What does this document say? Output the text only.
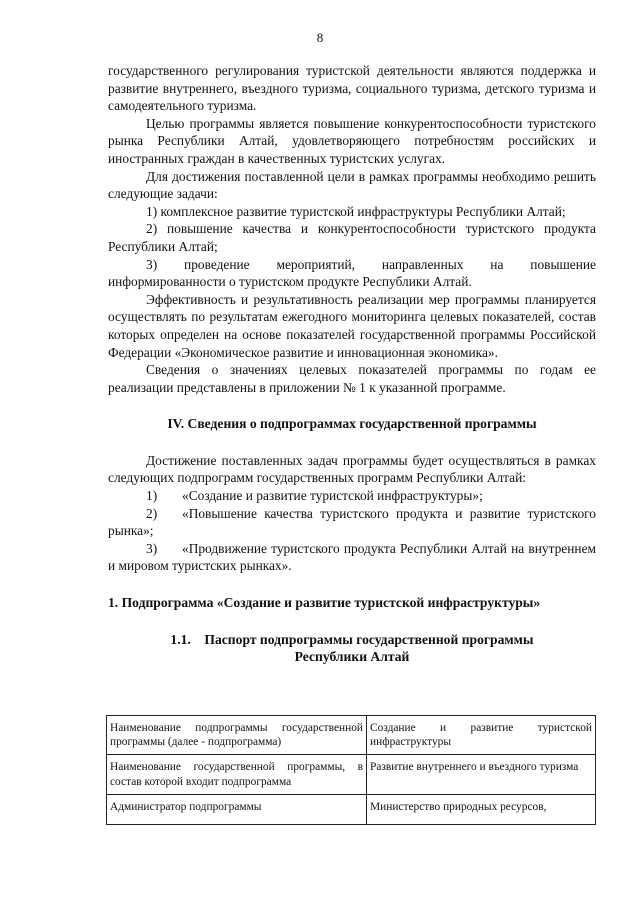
8

государственного регулирования туристской деятельности являются поддержка и развитие внутреннего, въездного туризма, социального туризма, детского туризма и самодеятельного туризма.

Целью программы является повышение конкурентоспособности туристского рынка Республики Алтай, удовлетворяющего потребностям российских и иностранных граждан в качественных туристских услугах.

Для достижения поставленной цели в рамках программы необходимо решить следующие задачи:

1) комплексное развитие туристской инфраструктуры Республики Алтай;

2) повышение качества и конкурентоспособности туристского продукта Республики Алтай;

3) проведение мероприятий, направленных на повышение информированности о туристском продукте Республики Алтай.

Эффективность и результативность реализации мер программы планируется осуществлять по результатам ежегодного мониторинга целевых показателей, состав которых определен на основе показателей государственной программы Российской Федерации «Экономическое развитие и инновационная экономика».

Сведения о значениях целевых показателей программы по годам ее реализации представлены в приложении № 1 к указанной программе.

IV. Сведения о подпрограммах государственной программы

Достижение поставленных задач программы будет осуществляться в рамках следующих подпрограмм государственных программ Республики Алтай:

1) «Создание и развитие туристской инфраструктуры»;

2) «Повышение качества туристского продукта и развитие туристского рынка»;

3) «Продвижение туристского продукта Республики Алтай на внутреннем и мировом туристских рынках».

1. Подпрограмма «Создание и развитие туристской инфраструктуры»

1.1.    Паспорт подпрограммы государственной программы

Республики Алтай

Наименование подпрограммы государственной программы (далее - подпрограмма)	Создание и развитие туристской инфраструктуры
Наименование государственной программы, в состав которой входит подпрограмма	Развитие внутреннего и въездного туризма
Администратор подпрограммы	Министерство природных ресурсов,
